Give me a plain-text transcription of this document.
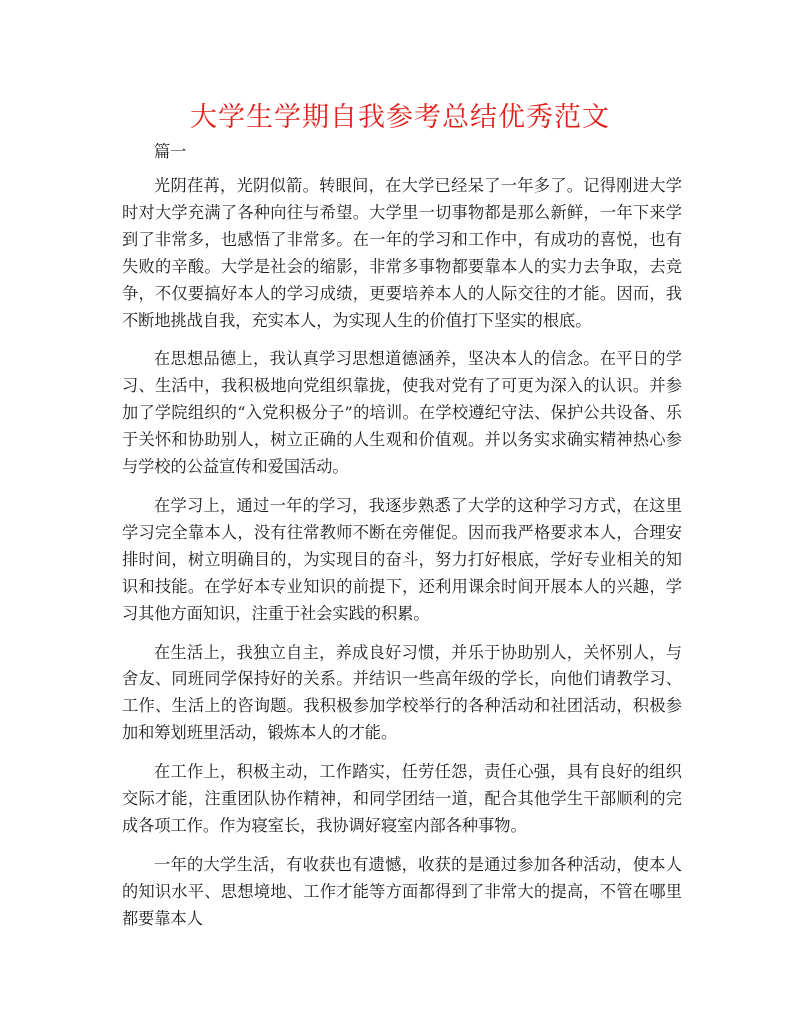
大学生学期自我参考总结优秀范文

篇一

光阴荏苒，光阴似箭。转眼间，在大学已经呆了一年多了。记得刚进大学时对大学充满了各种向往与希望。大学里一切事物都是那么新鲜，一年下来学到了非常多，也感悟了非常多。在一年的学习和工作中，有成功的喜悦，也有失败的辛酸。大学是社会的缩影，非常多事物都要靠本人的实力去争取，去竞争，不仅要搞好本人的学习成绩，更要培养本人的人际交往的才能。因而，我不断地挑战自我，充实本人，为实现人生的价值打下坚实的根底。

在思想品德上，我认真学习思想道德涵养，坚决本人的信念。在平日的学习、生活中，我积极地向党组织靠拢，使我对党有了可更为深入的认识。并参加了学院组织的“入党积极分子”的培训。在学校遵纪守法、保护公共设备、乐于关怀和协助别人，树立正确的人生观和价值观。并以务实求确实精神热心参与学校的公益宣传和爱国活动。

在学习上，通过一年的学习，我逐步熟悉了大学的这种学习方式，在这里学习完全靠本人，没有往常教师不断在旁催促。因而我严格要求本人，合理安排时间，树立明确目的，为实现目的奋斗，努力打好根底，学好专业相关的知识和技能。在学好本专业知识的前提下，还利用课余时间开展本人的兴趣，学习其他方面知识，注重于社会实践的积累。

在生活上，我独立自主，养成良好习惯，并乐于协助别人，关怀别人，与舍友、同班同学保持好的关系。并结识一些高年级的学长，向他们请教学习、工作、生活上的咨询题。我积极参加学校举行的各种活动和社团活动，积极参加和筹划班里活动，锻炼本人的才能。

在工作上，积极主动，工作踏实，任劳任怨，责任心强，具有良好的组织交际才能，注重团队协作精神，和同学团结一道，配合其他学生干部顺利的完成各项工作。作为寝室长，我协调好寝室内部各种事物。

一年的大学生活，有收获也有遗憾，收获的是通过参加各种活动，使本人的知识水平、思想境地、工作才能等方面都得到了非常大的提高，不管在哪里都要靠本人
